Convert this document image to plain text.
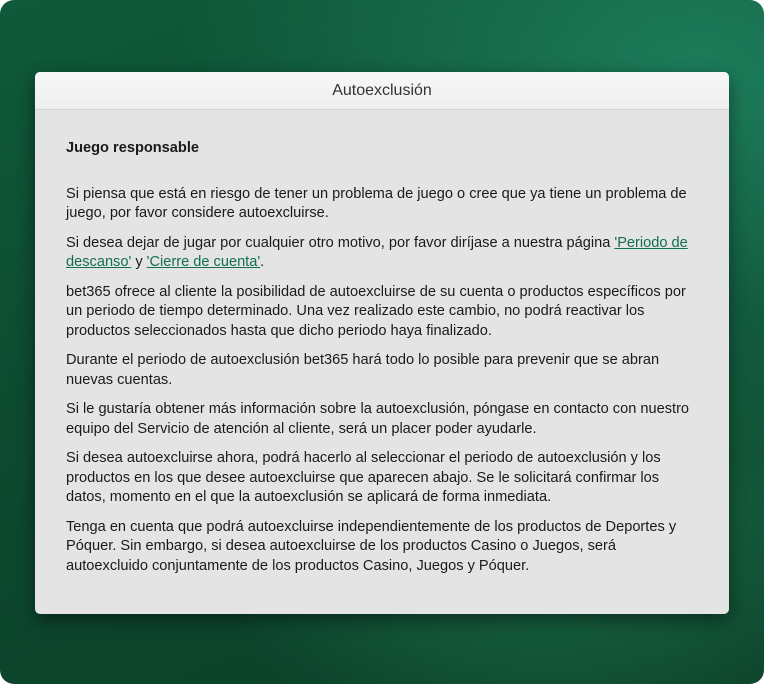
Autoexclusión
Juego responsable

Si piensa que está en riesgo de tener un problema de juego o cree que ya tiene un problema de juego, por favor considere autoexcluirse.

Si desea dejar de jugar por cualquier otro motivo, por favor diríjase a nuestra página 'Periodo de descanso' y 'Cierre de cuenta'.

bet365 ofrece al cliente la posibilidad de autoexcluirse de su cuenta o productos específicos por un periodo de tiempo determinado. Una vez realizado este cambio, no podrá reactivar los productos seleccionados hasta que dicho periodo haya finalizado.

Durante el periodo de autoexclusión bet365 hará todo lo posible para prevenir que se abran nuevas cuentas.

Si le gustaría obtener más información sobre la autoexclusión, póngase en contacto con nuestro equipo del Servicio de atención al cliente, será un placer poder ayudarle.

Si desea autoexcluirse ahora, podrá hacerlo al seleccionar el periodo de autoexclusión y los productos en los que desee autoexcluirse que aparecen abajo. Se le solicitará confirmar los datos, momento en el que la autoexclusión se aplicará de forma inmediata.

Tenga en cuenta que podrá autoexcluirse independientemente de los productos de Deportes y Póquer. Sin embargo, si desea autoexcluirse de los productos Casino o Juegos, será autoexcluido conjuntamente de los productos Casino, Juegos y Póquer.
